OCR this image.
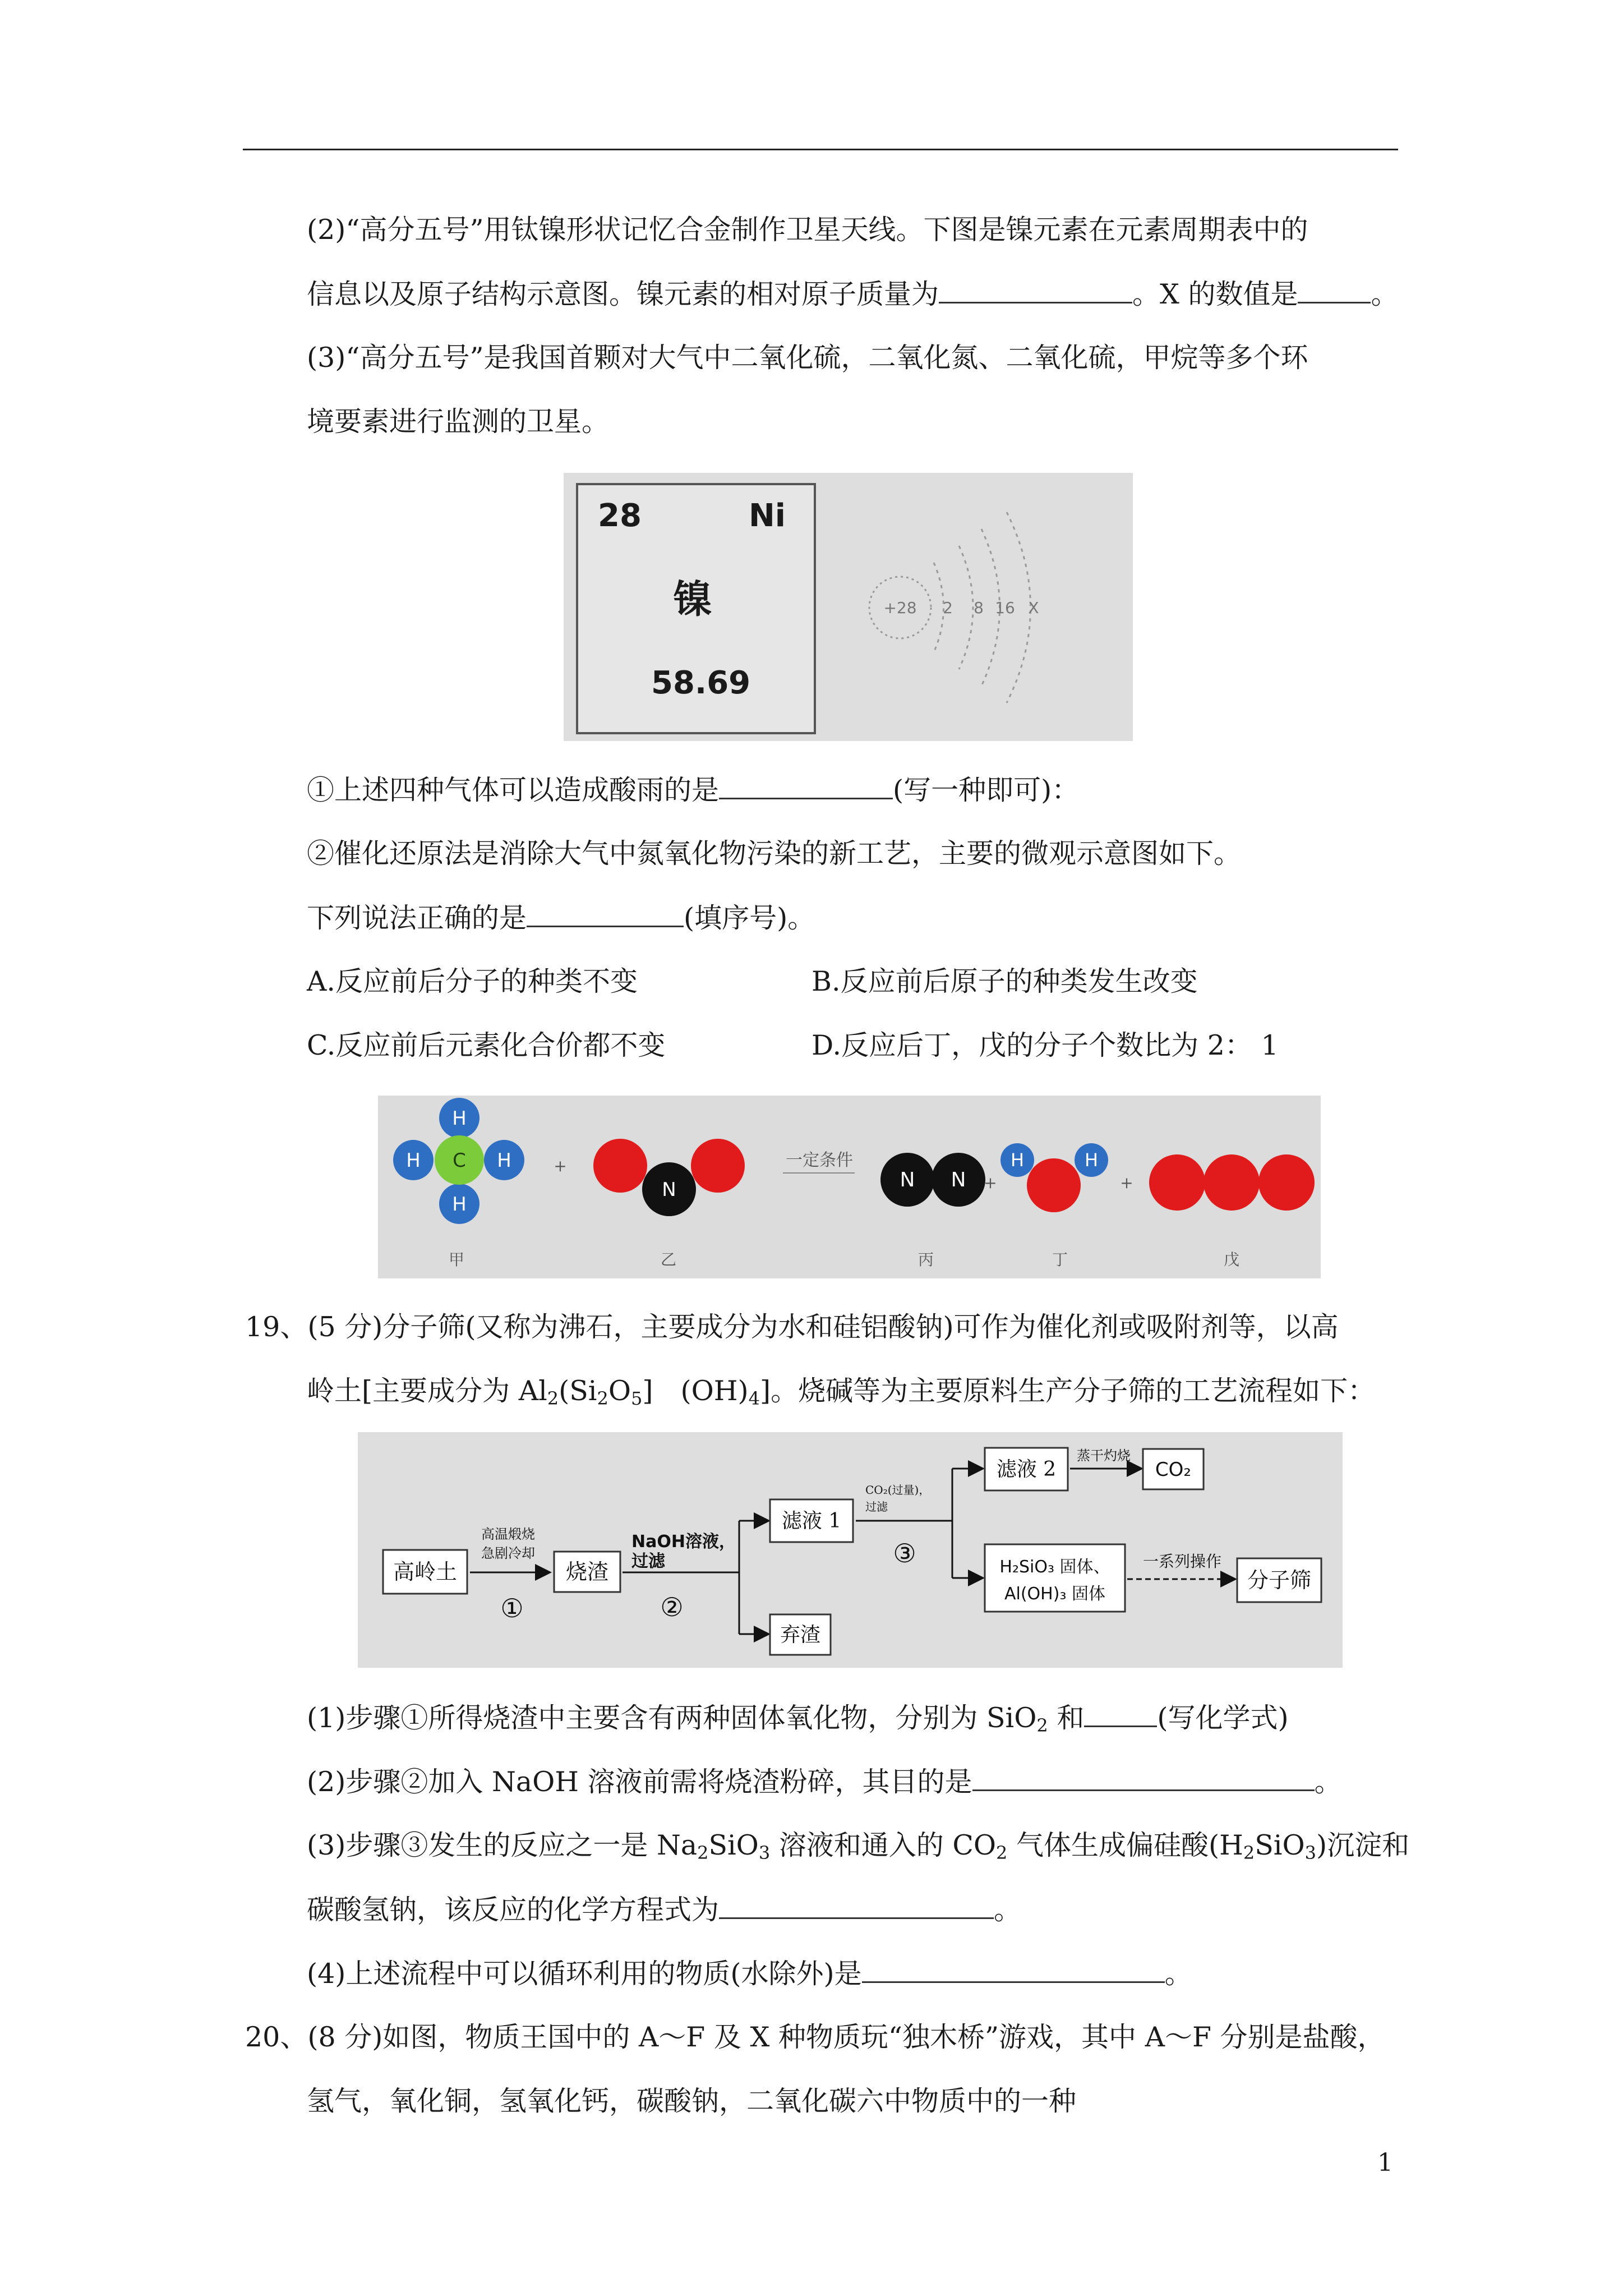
(2)“高分五号”用钛镍形状记忆合金制作卫星天线。下图是镍元素在元素周期表中的
信息以及原子结构示意图。镍元素的相对原子质量为	。X 的数值是	。
(3)“高分五号”是我国首颗对大气中二氧化硫，二氧化氮、二氧化硫，甲烷等多个环
境要素进行监测的卫星。
28	Ni
镍
58.69
+28 2 8 16 X
①上述四种气体可以造成酸雨的是	(写一种即可)：
②催化还原法是消除大气中氮氧化物污染的新工艺，主要的微观示意图如下。
下列说法正确的是	(填序号)。
A.反应前后分子的种类不变	B.反应前后原子的种类发生改变
C.反应前后元素化合价都不变	D.反应后丁，戊的分子个数比为 2： 1
C
H
H
H	H	+
N
一定条件
N N +
H	H
+
甲	乙	丙	丁	戊
19、(5 分)分子筛(又称为沸石，主要成分为水和硅铝酸钠)可作为催化剂或吸附剂等，以高
岭土[主要成分为 $Al_2(Si_2O_5]$　$(OH)_4$]。烧碱等为主要原料生产分子筛的工艺流程如下：
高岭土
高温煅烧
急剧冷却
①
烧渣
NaOH溶液，
过滤
②
滤液 1
弃渣
CO₂(过量)，
过滤
③
滤液 2
蒸干灼烧
CO₂
H₂SiO₃ 固体、
Al(OH)₃ 固体
一系列操作
分子筛
(1)步骤①所得烧渣中主要含有两种固体氧化物，分别为 SiO$_2$ 和	(写化学式)
(2)步骤②加入 NaOH 溶液前需将烧渣粉碎，其目的是	。
(3)步骤③发生的反应之一是 $Na_2SiO_3$ 溶液和通入的 $CO_2$ 气体生成偏硅酸$(H_2SiO_3)$沉淀和
碳酸氢钠，该反应的化学方程式为	。
(4)上述流程中可以循环利用的物质(水除外)是	。
20、(8 分)如图，物质王国中的 A～F 及 X 种物质玩“独木桥”游戏，其中 A～F 分别是盐酸，
氢气，氧化铜，氢氧化钙，碳酸钠，二氧化碳六中物质中的一种
1
